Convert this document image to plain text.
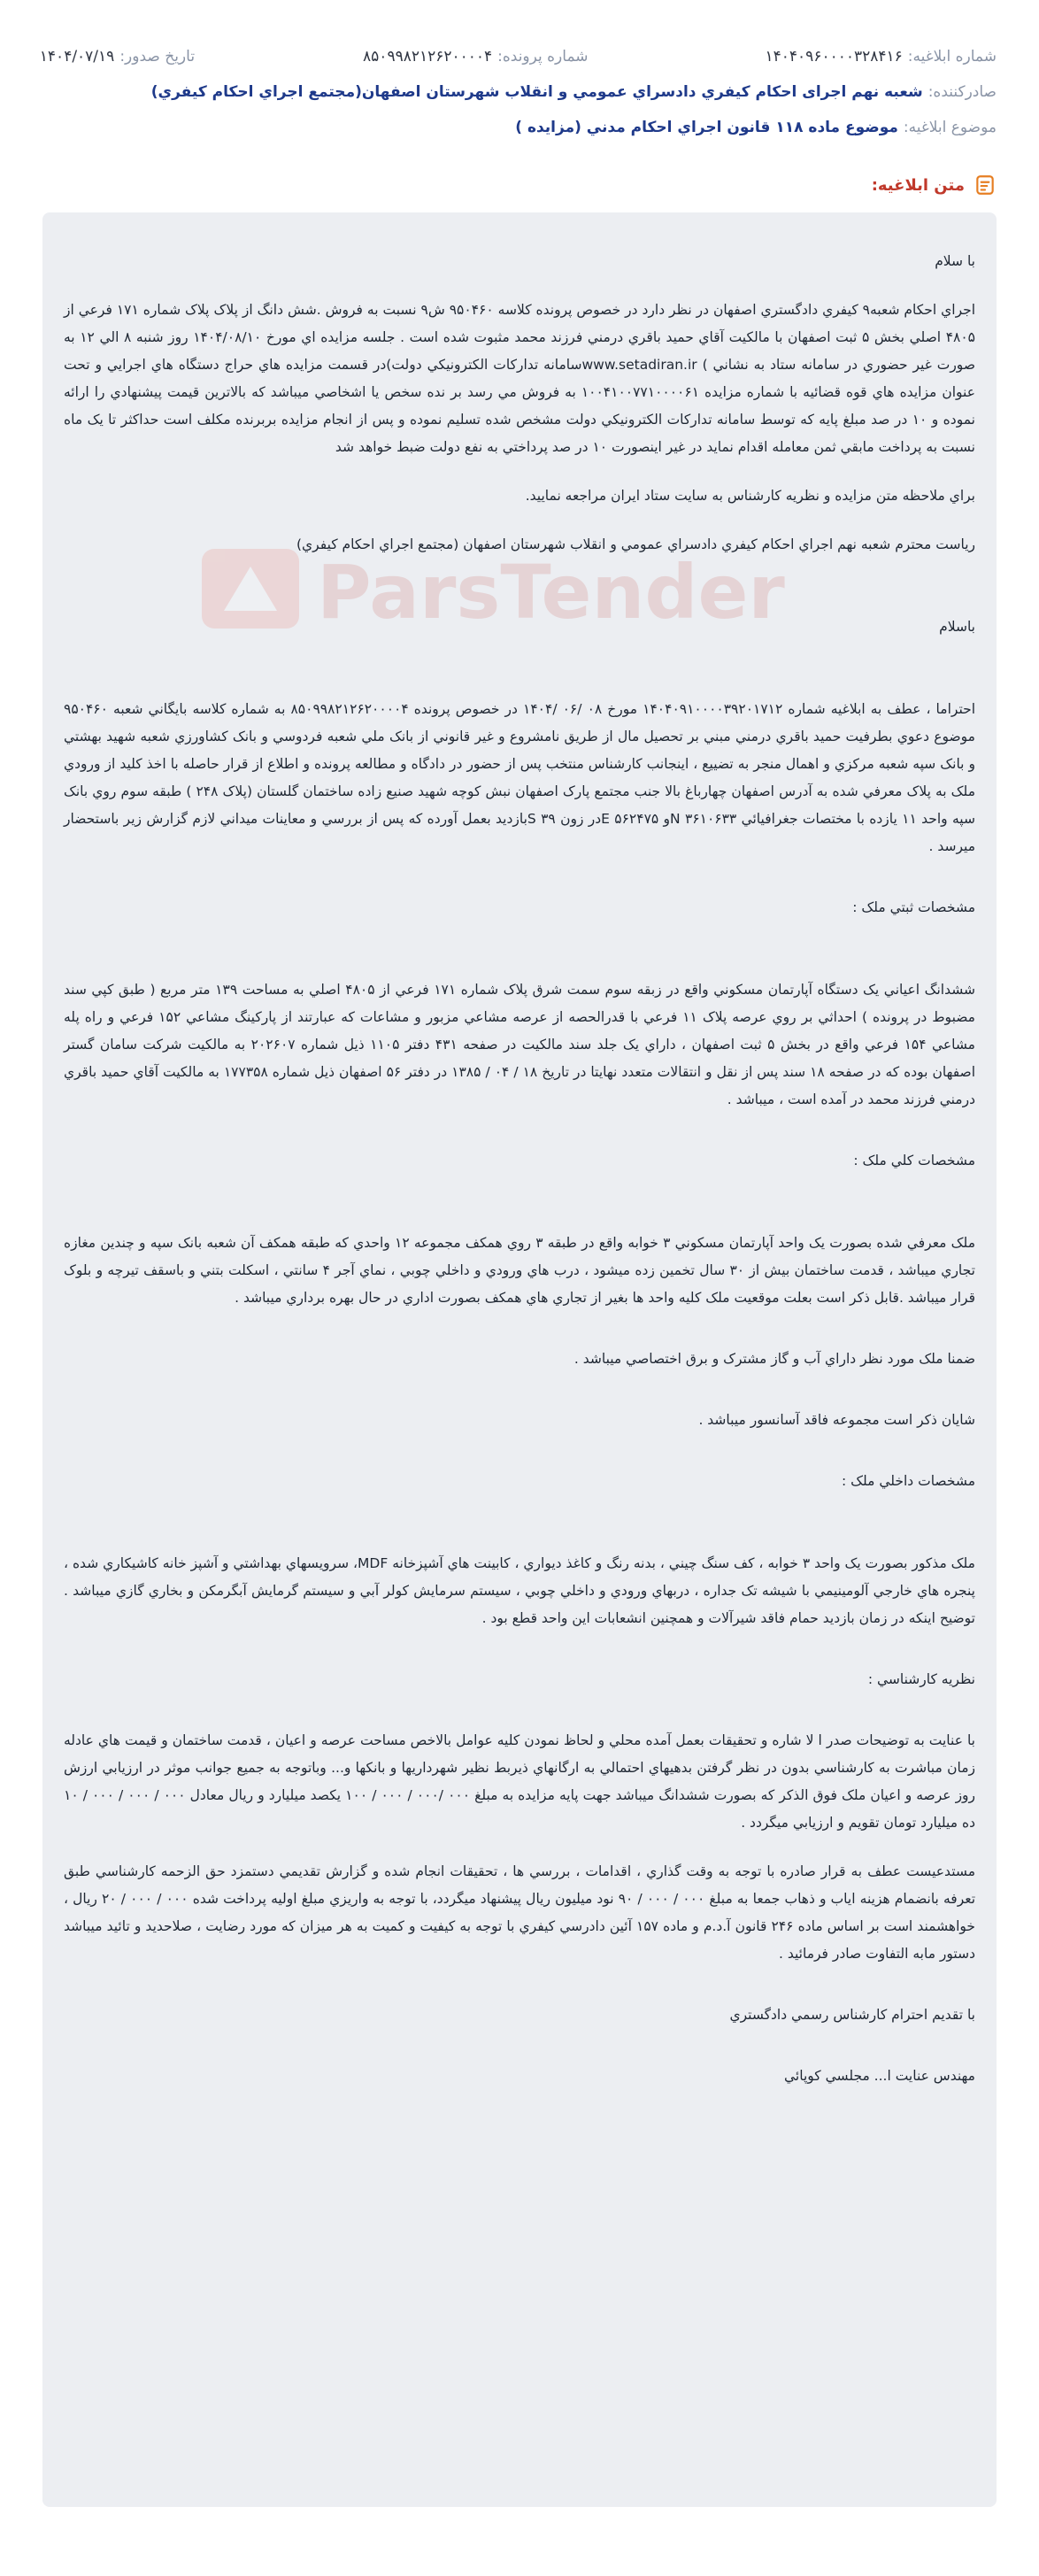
شماره ابلاغیه:
۱۴۰۴۰۹۶۰۰۰۰۳۲۸۴۱۶
شماره پرونده:
۸۵۰۹۹۸۲۱۲۶۲۰۰۰۰۴
تاریخ صدور:
۱۴۰۴/۰۷/۱۹
صادرکننده:
شعبه نهم اجرای احکام کيفري دادسراي عمومي و انقلاب شهرستان اصفهان(مجتمع اجراي احکام کيفري)
موضوع ابلاغیه:
موضوع ماده ۱۱۸ قانون اجراي احکام مدني (مزايده )
متن ابلاغیه:
ParsTender

با سلام

اجراي احکام شعبه۹ کيفري دادگستري اصفهان در نظر دارد در خصوص پرونده کلاسه ۹۵۰۴۶۰ ش۹ نسبت به فروش .شش دانگ از پلاک پلاک شماره ۱۷۱ فرعي از ۴۸۰۵ اصلي بخش ۵ ثبت اصفهان با مالکيت آقاي حميد باقري درمني فرزند محمد مثبوت شده است . جلسه مزايده اي مورخ ۱۴۰۴/۰۸/۱۰ روز شنبه ۸ الي ۱۲ به صورت غير حضوري در سامانه ستاد به نشاني ) www.setadiran.irسامانه تدارکات الکترونيکي دولت)در قسمت مزايده هاي حراج دستگاه هاي اجرايي و تحت عنوان مزايده هاي قوه قضائيه با شماره مزايده ۱۰۰۴۱۰۰۷۷۱۰۰۰۰۶۱ به فروش مي رسد بر نده سخص يا اشخاصي ميباشد که بالاترين قيمت پيشنهادي را ارائه نموده و ۱۰ در صد مبلغ پايه که توسط سامانه تدارکات الکترونيکي دولت مشخص شده تسليم نموده و پس از انجام مزايده بربرنده مکلف است حداکثر تا يک ماه نسبت به پرداخت مابقي ثمن معامله اقدام نمايد در غير اينصورت ۱۰ در صد پرداختي به نفع دولت ضبط خواهد شد

براي ملاحظه متن مزايده و نظريه کارشناس به سايت ستاد ايران مراجعه نماييد.

رياست محترم شعبه نهم اجراي احکام کيفري دادسراي عمومي و انقلاب شهرستان اصفهان (مجتمع اجراي احکام کيفري)

باسلام

احتراما ، عطف به ابلاغيه شماره ۱۴۰۴۰۹۱۰۰۰۰۳۹۲۰۱۷۱۲ مورخ ۰۸ /۰۶ /۱۴۰۴ در خصوص پرونده ۸۵۰۹۹۸۲۱۲۶۲۰۰۰۰۴ به شماره کلاسه بايگاني شعبه ۹۵۰۴۶۰ موضوع دعوي بطرفيت حميد باقري درمني مبني بر تحصيل مال از طريق نامشروع و غير قانوني از بانک ملي شعبه فردوسي و بانک کشاورزي شعبه شهيد بهشتي و بانک سپه شعبه مرکزي و اهمال منجر به تضييع ، اينجانب کارشناس منتخب پس از حضور در دادگاه و مطالعه پرونده و اطلاع از قرار حاصله با اخذ کليد از ورودي ملک به پلاک معرفي شده به آدرس اصفهان چهارباغ بالا جنب مجتمع پارک اصفهان نبش کوچه شهيد صنيع زاده ساختمان گلستان (پلاک ۲۴۸ ) طبقه سوم روي بانک سپه واحد ۱۱ يازده با مختصات جغرافيائي ۳۶۱۰۶۳۳ Nو ۵۶۲۴۷۵ Eدر زون ۳۹ Sبازديد بعمل آورده که پس از بررسي و معاينات ميداني لازم گزارش زير باستحضار ميرسد .

مشخصات ثبتي ملک :

ششدانگ اعياني يک دستگاه آپارتمان مسکوني واقع در زبقه سوم سمت شرق پلاک شماره ۱۷۱ فرعي از ۴۸۰۵ اصلي به مساحت ۱۳۹ متر مربع ( طبق کپي سند مضبوط در پرونده ) احداثي بر روي عرصه پلاک ۱۱ فرعي با قدرالحصه از عرصه مشاعي مزبور و مشاعات که عبارتند از پارکينگ مشاعي ۱۵۲ فرعي و راه پله مشاعي ۱۵۴ فرعي واقع در بخش ۵ ثبت اصفهان ، داراي يک جلد سند مالکيت در صفحه ۴۳۱ دفتر ۱۱۰۵ ذيل شماره ۲۰۲۶۰۷ به مالکيت شرکت سامان گستر اصفهان بوده که در صفحه ۱۸ سند پس از نقل و انتقالات متعدد نهايتا در تاريخ ۱۸ / ۰۴ / ۱۳۸۵ در دفتر ۵۶ اصفهان ذيل شماره ۱۷۷۳۵۸ به مالکيت آقاي حميد باقري درمني فرزند محمد در آمده است ، ميباشد .

مشخصات کلي ملک :

ملک معرفي شده بصورت يک واحد آپارتمان مسکوني ۳ خوابه واقع در طبقه ۳ روي همکف مجموعه ۱۲ واحدي که طبقه همکف آن شعبه بانک سپه و چندين مغازه تجاري ميباشد ، قدمت ساختمان بيش از ۳۰ سال تخمين زده ميشود ، درب هاي ورودي و داخلي چوبي ، نماي آجر ۴ سانتي ، اسکلت بتني و باسقف تيرچه و بلوک قرار ميباشد .قابل ذکر است بعلت موقعيت ملک کليه واحد ها بغير از تجاري هاي همکف بصورت اداري در حال بهره برداري ميباشد .

ضمنا ملک مورد نظر داراي آب و گاز مشترک و برق اختصاصي ميباشد .

شايان ذکر است مجموعه فاقد آسانسور ميباشد .

مشخصات داخلي ملک :

ملک مذکور بصورت يک واحد ۳ خوابه ، کف سنگ چيني ، بدنه رنگ و کاغذ ديواري ، کابينت هاي آشپزخانه MDF، سرويسهاي بهداشتي و آشپز خانه کاشيکاري شده ، پنجره هاي خارجي آلومينيمي با شيشه تک جداره ، دربهاي ورودي و داخلي چوبي ، سيستم سرمايش کولر آبي و سيستم گرمايش آبگرمکن و بخاري گازي ميباشد . توضيح اينکه در زمان بازديد حمام فاقد شيرآلات و همچنين انشعابات اين واحد قطع بود .

نظريه کارشناسي :

با عنايت به توضيحات صدر ا لا شاره و تحقيقات بعمل آمده محلي و لحاظ نمودن کليه عوامل بالاخص مساحت عرصه و اعيان ، قدمت ساختمان و قيمت هاي عادله زمان مباشرت به کارشناسي بدون در نظر گرفتن بدهيهاي احتمالي به ارگانهاي ذيربط نظير شهرداريها و بانکها و... وباتوجه به جميع جوانب موثر در ارزيابي ارزش روز عرصه و اعيان ملک فوق الذکر که بصورت ششدانگ ميباشد جهت پايه مزايده به مبلغ ۰۰۰ /۰۰۰ / ۰۰۰ / ۱۰۰ يکصد ميليارد و ريال معادل ۰۰۰ / ۰۰۰ / ۰۰۰ / ۱۰ ده ميليارد تومان تقويم و ارزيابي ميگردد .

مستدعيست عطف به قرار صادره با توجه به وقت گذاري ، اقدامات ، بررسي ها ، تحقيقات انجام شده و گزارش تقديمي دستمزد حق الزحمه کارشناسي طبق تعرفه بانضمام هزينه اياب و ذهاب جمعا به مبلغ ۰۰۰ / ۰۰۰ / ۹۰ نود ميليون ريال پيشنهاد ميگردد، با توجه به واريزي مبلغ اوليه پرداخت شده ۰۰۰ / ۰۰۰ / ۲۰ ريال ، خواهشمند است بر اساس ماده ۲۴۶ قانون آ.د.م و ماده ۱۵۷ آئين دادرسي کيفري با توجه به کيفيت و کميت به هر ميزان که مورد رضايت ، صلاحديد و تائيد ميباشد دستور مابه التفاوت صادر فرمائيد .

با تقديم احترام کارشناس رسمي دادگستري

مهندس عنايت ا... مجلسي کوپائي
